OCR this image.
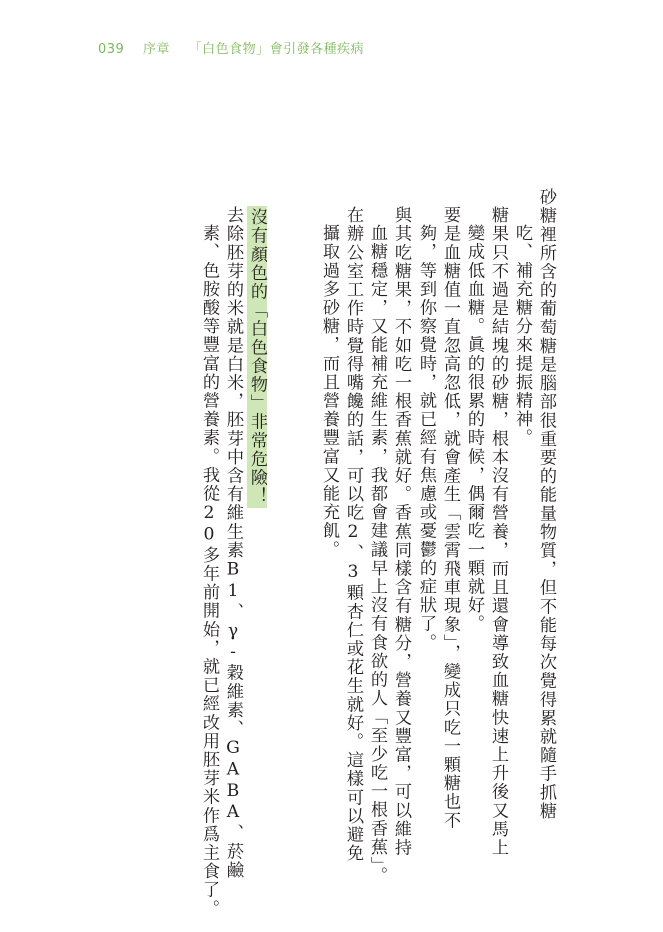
039 序章 「白色食物」會引發各種疾病
砂糖裡所含的葡萄糖是腦部很重要的能量物質，但不能每次覺得累就隨手抓糖
吃、補充糖分來提振精神。
糖果只不過是結塊的砂糖，根本沒有營養，而且還會導致血糖快速上升後又馬上
變成低血糖。眞的很累的時候，偶爾吃一顆就好。
要是血糖值一直忽高忽低，就會產生「雲霄飛車現象」，變成只吃一顆糖也不
夠，等到你察覺時，就已經有焦慮或憂鬱的症狀了。
與其吃糖果，不如吃一根香蕉就好。香蕉同樣含有糖分，營養又豐富，可以維持
血糖穩定，又能補充維生素，我都會建議早上沒有食欲的人「至少吃一根香蕉」。
在辦公室工作時覺得嘴饞的話，可以吃2、3顆杏仁或花生就好。這樣可以避免
攝取過多砂糖，而且營養豐富又能充飢。
沒有顏色的「白色食物」非常危險！
去除胚芽的米就是白米，胚芽中含有維生素B1、γ-穀維素、GABA、菸鹼
素、色胺酸等豐富的營養素。我從20多年前開始，就已經改用胚芽米作爲主食了。
